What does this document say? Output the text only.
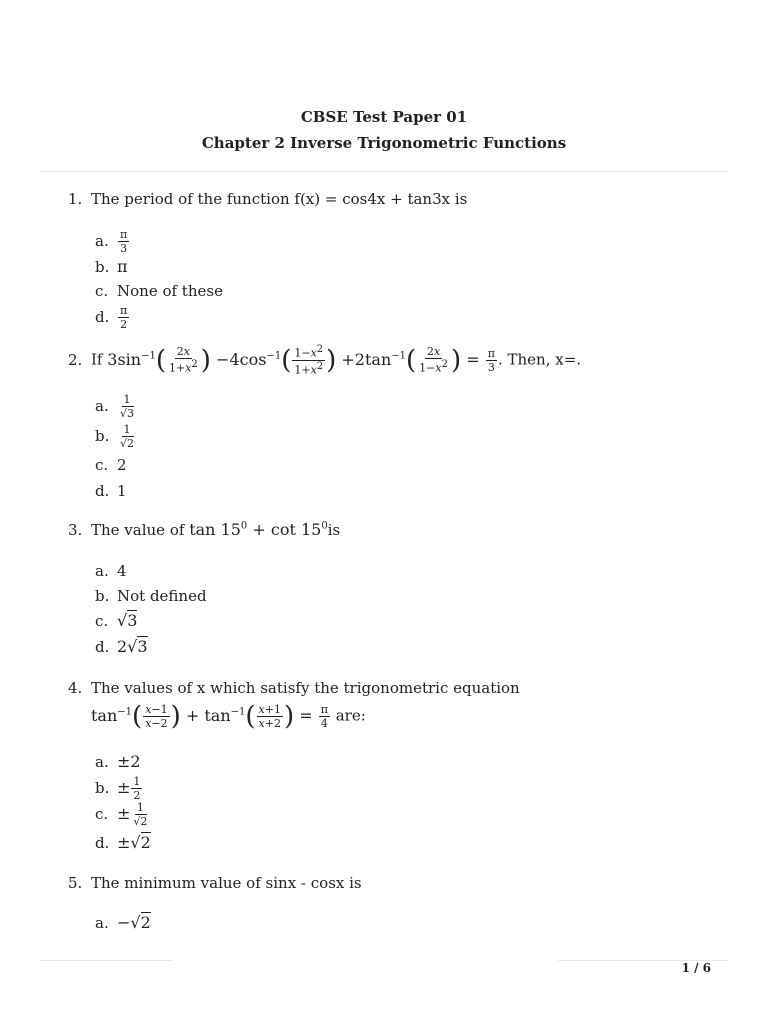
CBSE Test Paper 01
Chapter 2 Inverse Trigonometric Functions
1. The period of the function f(x) = cos4x + tan3x is
a. $\frac{\pi}{3}$
b. π
c. None of these
d. $\frac{\pi}{2}$
2. If $3\sin^{-1}( \frac{2x}{1+x^2}$ ) $-4\cos^{-1}( \frac{1-x^2}{1+x^2}$ ) $+2\tan^{-1}( \frac{2x}{1-x^2}$ ) = $\frac{\pi}{3}$ . Then, x=.
a. $\frac{1}{√3}$
b. $\frac{1}{√2}$
c. 2
d. 1
3. The value of $\tan 15^0 + \cot 15^0is$
a. 4
b. Not defined
c. √3
d. 2√3
4. The values of x which satisfy the trigonometric equation
$\tan^{-1}( \frac{x-1}{x-2}$ ) + $\tan^{-1}( \frac{x+1}{x+2}$ ) = $\frac{\pi}{4}$ are:
a. ±2
b. ± $\frac{1}{2}$
c. ± $\frac{1}{√2}$
d. ±√2
5. The minimum value of sinx - cosx is
a. −√2
1 / 6
